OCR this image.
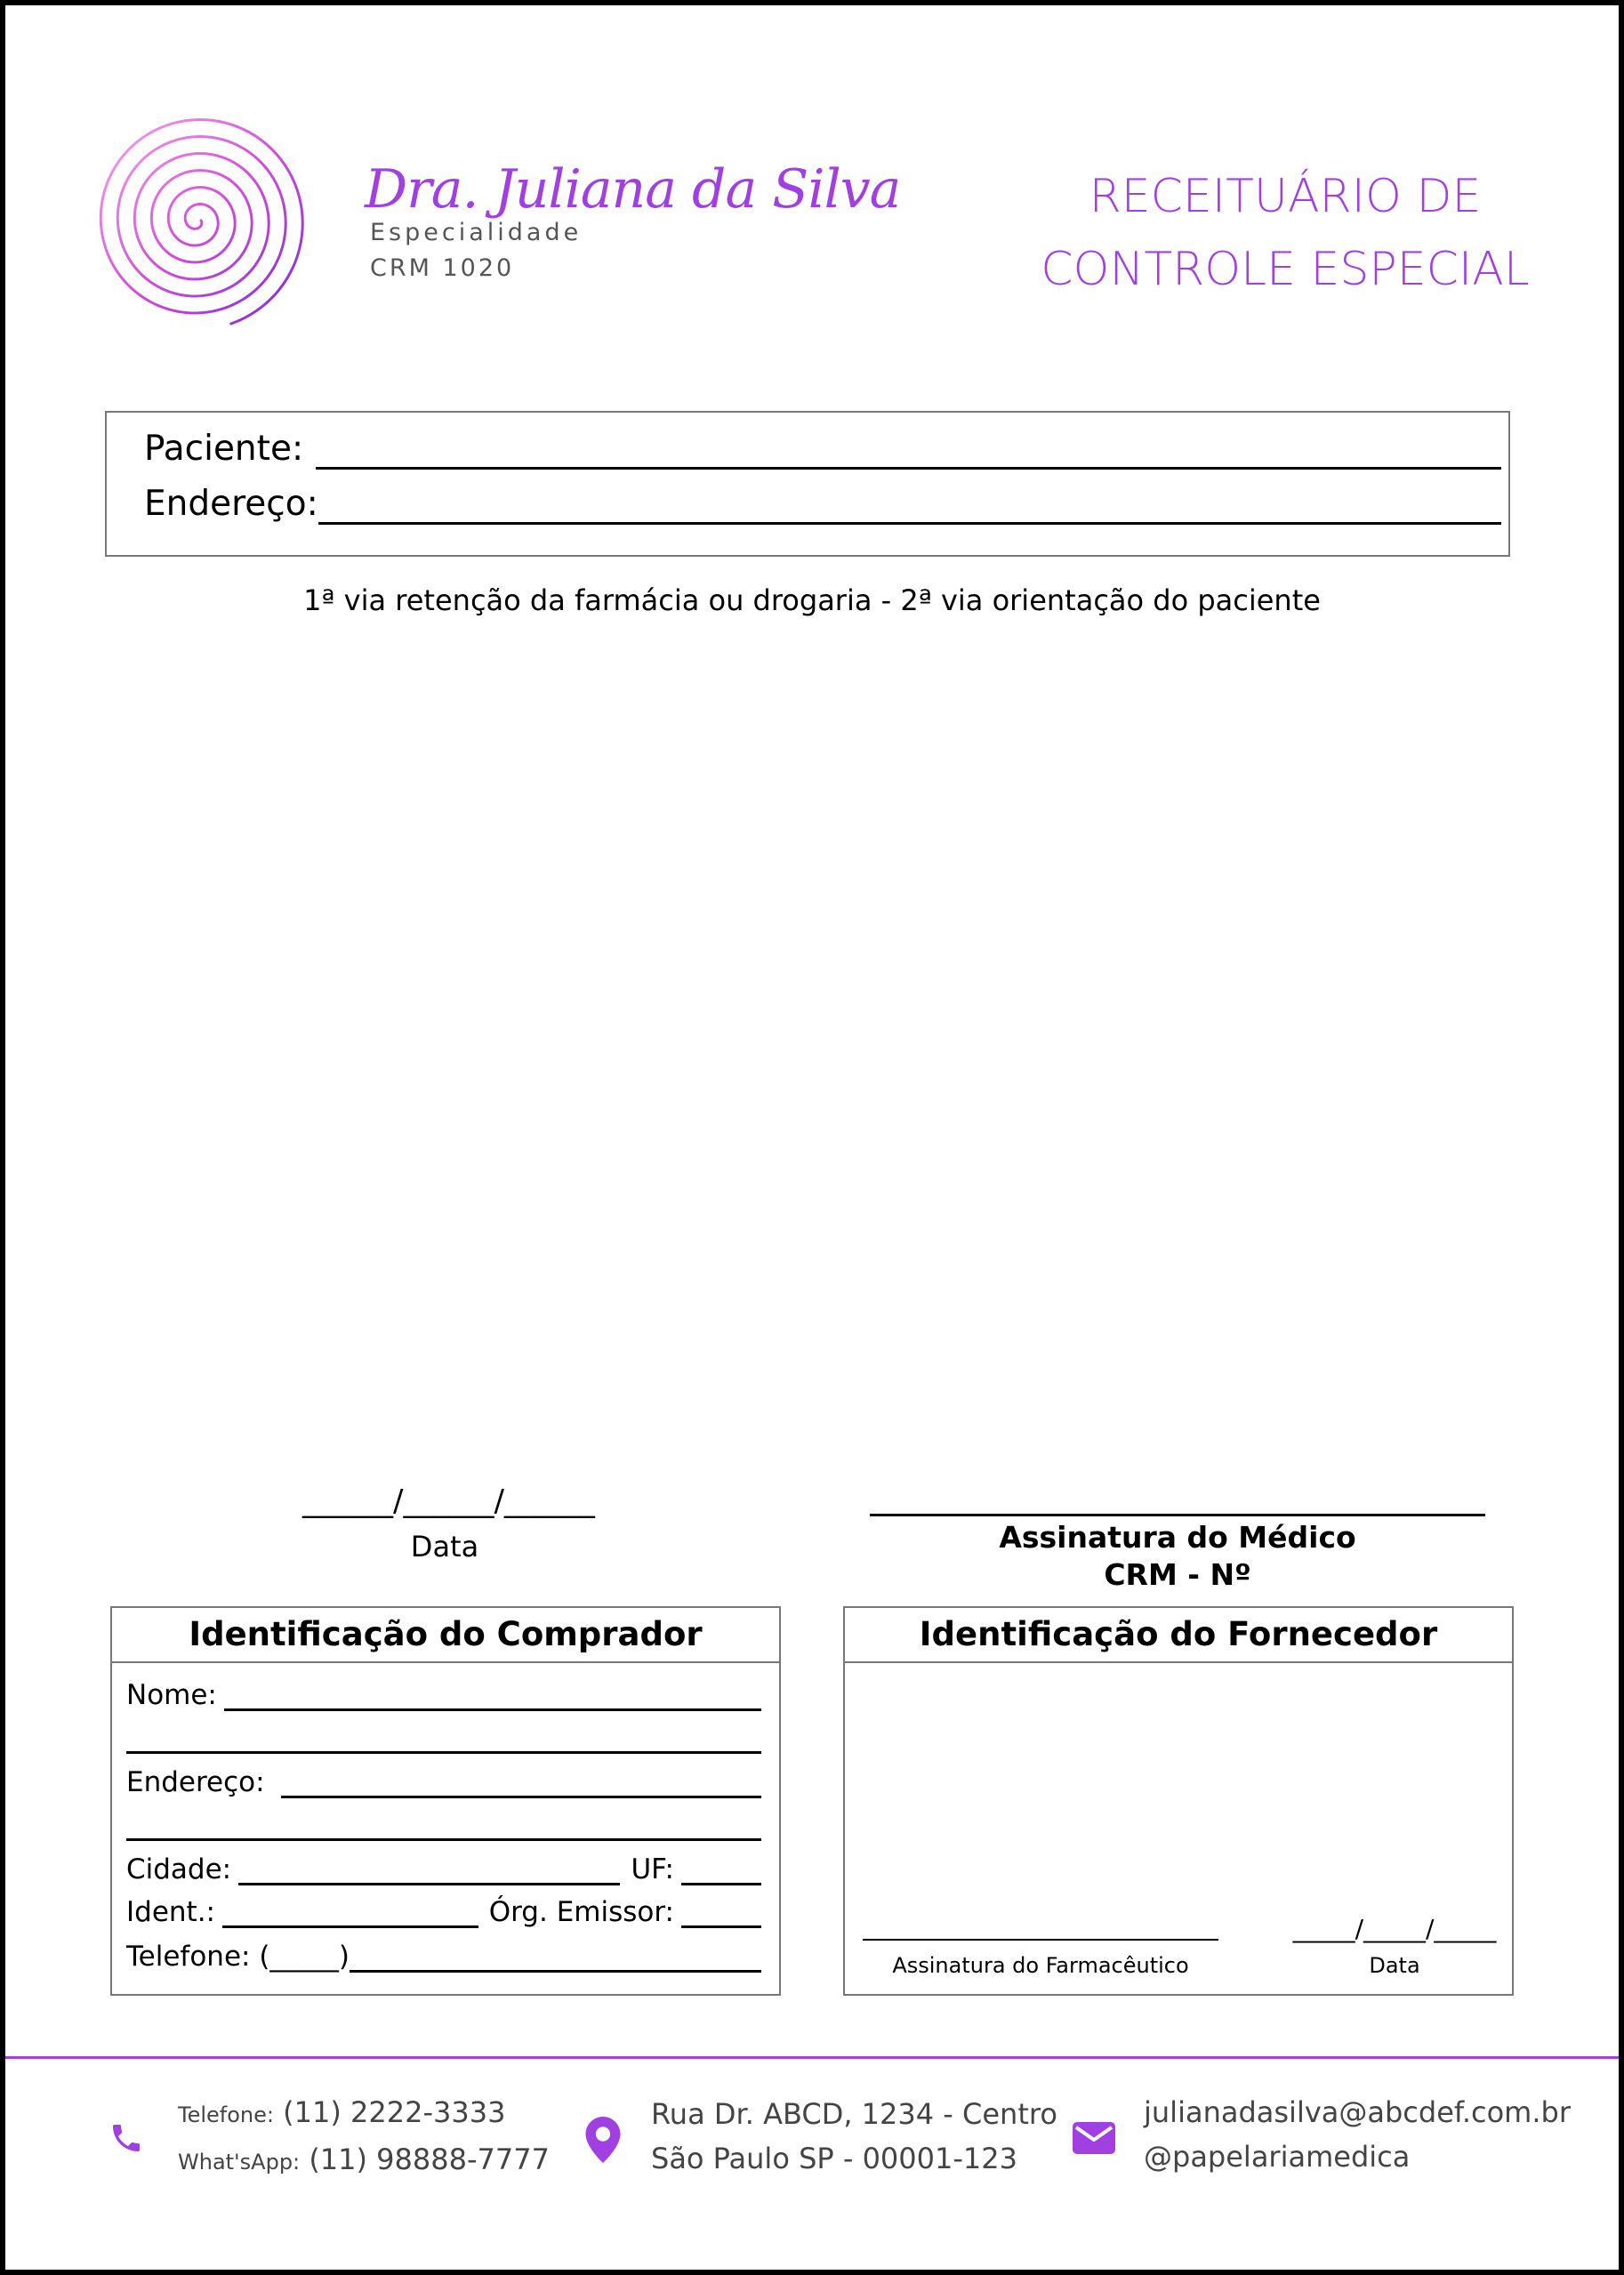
Dra. Juliana da Silva
Especialidade
CRM 1020
RECEITUÁRIO DE
CONTROLE ESPECIAL
Paciente:
Endereço:
1ª via retenção da farmácia ou drogaria - 2ª via orientação do paciente
______/______/______
Data	Assinatura do Médico
CRM - Nº
Identificação do Comprador
Nome:
Endereço:
Cidade:	UF:
Ident.:	Órg. Emissor:
Telefone: (_____)
Identificação do Fornecedor
Assinatura do Farmacêutico
_____/_____/_____
Data
Telefone: (11) 2222-3333
What'sApp: (11) 98888-7777
Rua Dr. ABCD, 1234 - Centro
São Paulo SP - 00001-123
julianadasilva@abcdef.com.br
@papelariamedica
